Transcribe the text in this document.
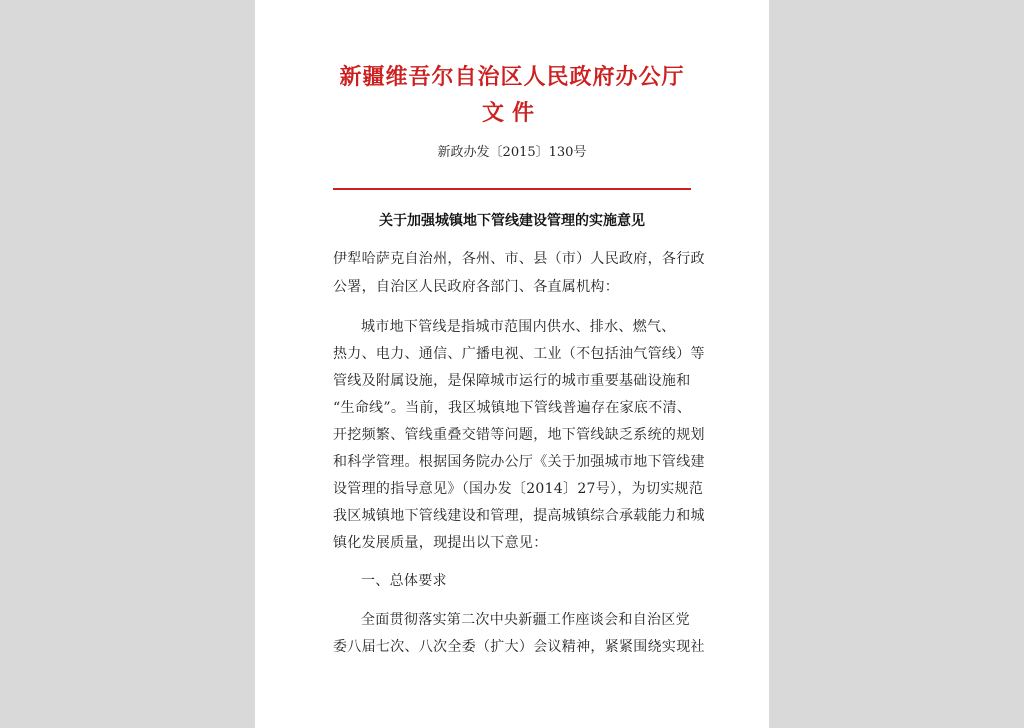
新疆维吾尔自治区人民政府办公厅
文件
新政办发〔2015〕130号
关于加强城镇地下管线建设管理的实施意见
伊犁哈萨克自治州，各州、市、县（市）人民政府，各行政
公署，自治区人民政府各部门、各直属机构：
城市地下管线是指城市范围内供水、排水、燃气、
热力、电力、通信、广播电视、工业（不包括油气管线）等
管线及附属设施，是保障城市运行的城市重要基础设施和
“生命线”。当前，我区城镇地下管线普遍存在家底不清、
开挖频繁、管线重叠交错等问题，地下管线缺乏系统的规划
和科学管理。根据国务院办公厅《关于加强城市地下管线建
设管理的指导意见》（国办发〔2014〕27号），为切实规范
我区城镇地下管线建设和管理，提高城镇综合承载能力和城
镇化发展质量，现提出以下意见：
一、总体要求
全面贯彻落实第二次中央新疆工作座谈会和自治区党
委八届七次、八次全委（扩大）会议精神，紧紧围绕实现社
